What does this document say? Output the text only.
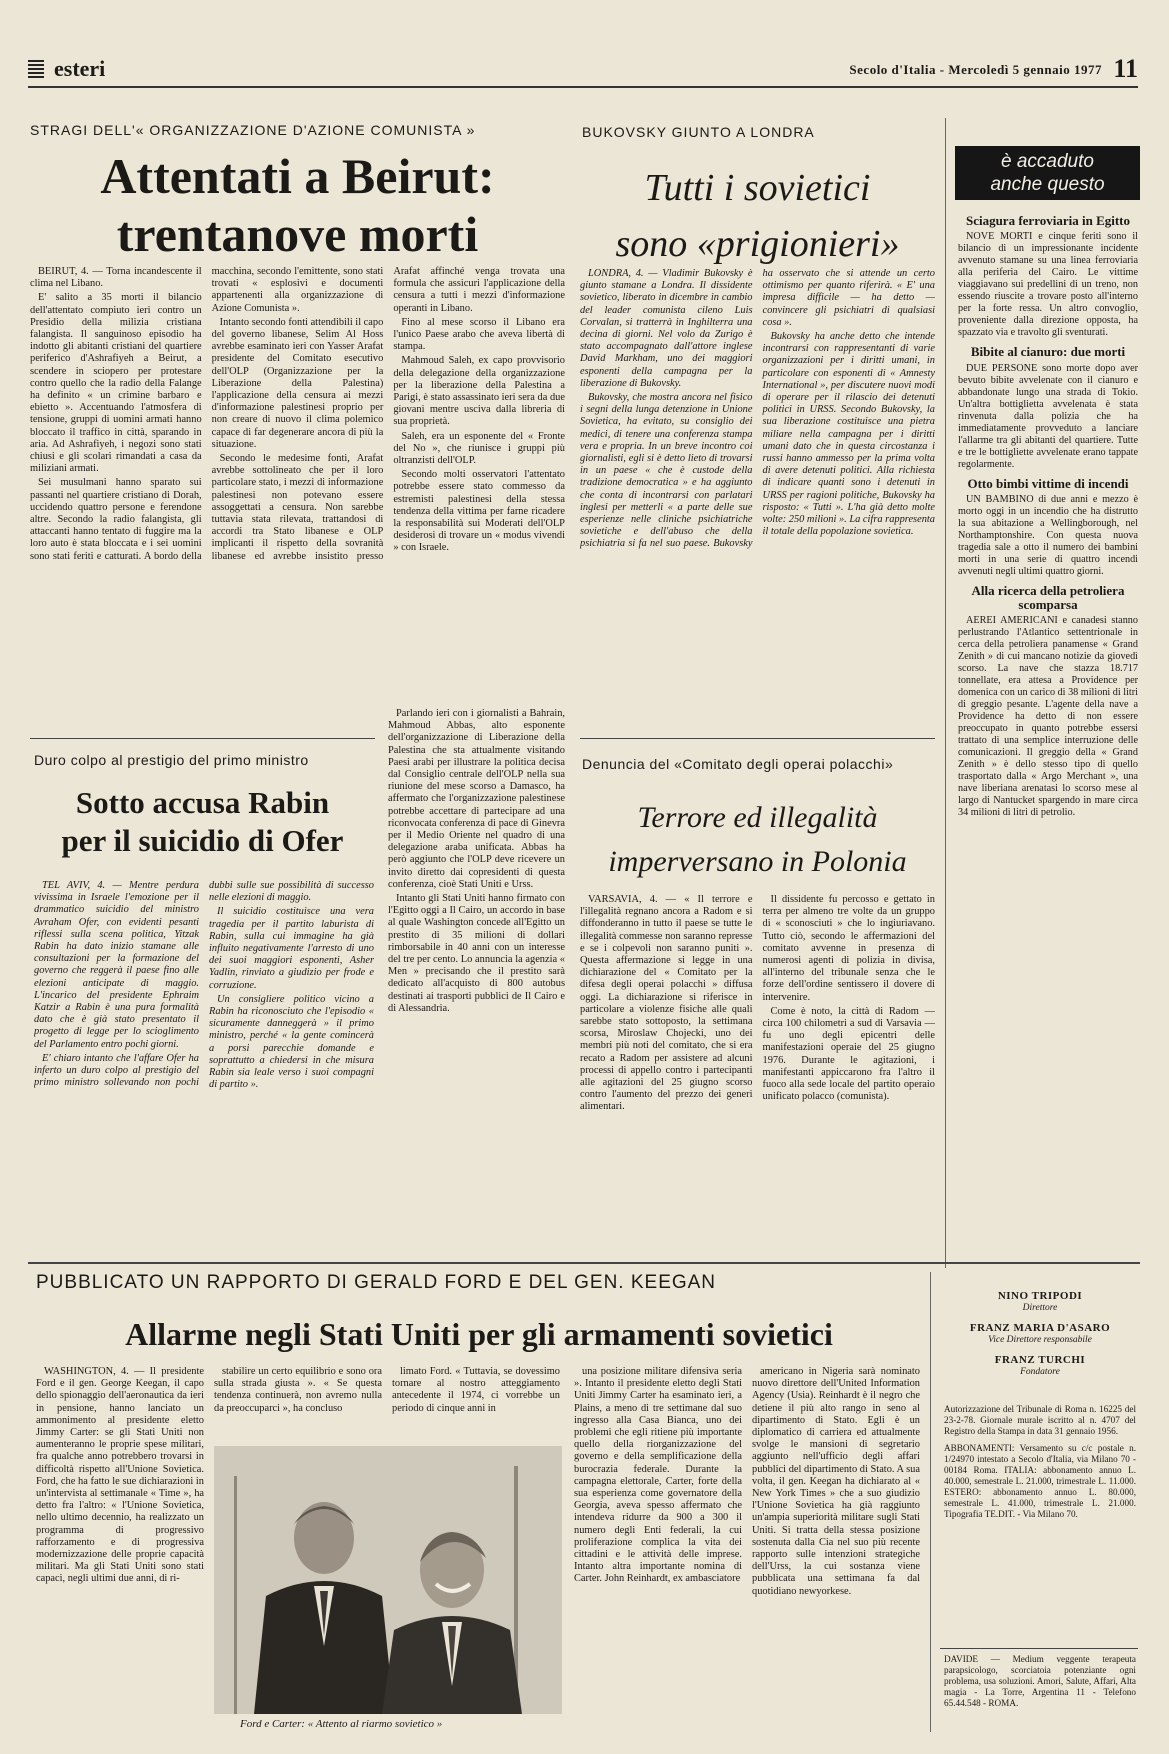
esteri	Secolo d'Italia - Mercoledì 5 gennaio 1977 11
STRAGI DELL'« ORGANIZZAZIONE D'AZIONE COMUNISTA »
Attentati a Beirut:
trentanove morti

BEIRUT, 4. — Torna incandescente il clima nel Libano.

E' salito a 35 morti il bilancio dell'attentato compiuto ieri contro un Presidio della milizia cristiana falangista. Il sanguinoso episodio ha indotto gli abitanti cristiani del quartiere periferico d'Ashrafiyeh a Beirut, a scendere in sciopero per protestare contro quello che la radio della Falange ha definito « un crimine barbaro e ebietto ». Accentuando l'atmosfera di tensione, gruppi di uomini armati hanno bloccato il traffico in città, sparando in aria. Ad Ashrafiyeh, i negozi sono stati chiusi e gli scolari rimandati a casa da miliziani armati.

Sei musulmani hanno sparato sui passanti nel quartiere cristiano di Dorah, uccidendo quattro persone e ferendone altre. Secondo la radio falangista, gli attaccanti hanno tentato di fuggire ma la loro auto è stata bloccata e i sei uomini sono stati feriti e catturati. A bordo della macchina, secondo l'emittente, sono stati trovati « esplosivi e documenti appartenenti alla organizzazione di Azione Comunista ».

Intanto secondo fonti attendibili il capo del governo libanese, Selim Al Hoss avrebbe esaminato ieri con Yasser Arafat presidente del Comitato esecutivo dell'OLP (Organizzazione per la Liberazione della Palestina) l'applicazione della censura ai mezzi d'informazione palestinesi proprio per non creare di nuovo il clima polemico capace di far degenerare ancora di più la situazione.

Secondo le medesime fonti, Arafat avrebbe sottolineato che per il loro particolare stato, i mezzi di informazione palestinesi non potevano essere assoggettati a censura. Non sarebbe tuttavia stata rilevata, trattandosi di accordi tra Stato libanese e OLP implicanti il rispetto della sovranità libanese ed avrebbe insistito presso Arafat affinché venga trovata una formula che assicuri l'applicazione della censura a tutti i mezzi d'informazione operanti in Libano.

Fino al mese scorso il Libano era l'unico Paese arabo che aveva libertà di stampa.

Mahmoud Saleh, ex capo provvisorio della delegazione della organizzazione per la liberazione della Palestina a Parigi, è stato assassinato ieri sera da due giovani mentre usciva dalla libreria di sua proprietà.

Saleh, era un esponente del « Fronte del No », che riunisce i gruppi più oltranzisti dell'OLP.

Secondo molti osservatori l'attentato potrebbe essere stato commesso da estremisti palestinesi della stessa tendenza della vittima per farne ricadere la responsabilità sui Moderati dell'OLP desiderosi di trovare un « modus vivendi » con Israele.

Parlando ieri con i giornalisti a Bahrain, Mahmoud Abbas, alto esponente dell'organizzazione di Liberazione della Palestina che sta attualmente visitando Paesi arabi per illustrare la politica decisa dal Consiglio centrale dell'OLP nella sua riunione del mese scorso a Damasco, ha affermato che l'organizzazione palestinese potrebbe accettare di partecipare ad una riconvocata conferenza di pace di Ginevra per il Medio Oriente nel quadro di una delegazione araba unificata. Abbas ha però aggiunto che l'OLP deve ricevere un invito diretto dai copresidenti di questa conferenza, cioè Stati Uniti e Urss.

Intanto gli Stati Uniti hanno firmato con l'Egitto oggi a Il Cairo, un accordo in base al quale Washington concede all'Egitto un prestito di 35 milioni di dollari rimborsabile in 40 anni con un interesse del tre per cento. Lo annuncia la agenzia « Men » precisando che il prestito sarà dedicato all'acquisto di 800 autobus destinati ai trasporti pubblici de Il Cairo e di Alessandria.

BUKOVSKY GIUNTO A LONDRA
Tutti i sovietici
sono «prigionieri»

LONDRA, 4. — Vladimir Bukovsky è giunto stamane a Londra. Il dissidente sovietico, liberato in dicembre in cambio del leader comunista cileno Luis Corvalan, si tratterrà in Inghilterra una decina di giorni. Nel volo da Zurigo è stato accompagnato dall'attore inglese David Markham, uno dei maggiori esponenti della campagna per la liberazione di Bukovsky.

Bukovsky, che mostra ancora nel fisico i segni della lunga detenzione in Unione Sovietica, ha evitato, su consiglio dei medici, di tenere una conferenza stampa vera e propria. In un breve incontro coi giornalisti, egli si è detto lieto di trovarsi in un paese « che è custode della tradizione democratica » e ha aggiunto che conta di incontrarsi con parlatari inglesi per metterli « a parte delle sue esperienze nelle cliniche psichiatriche sovietiche e dell'abuso che della psichiatria si fa nel suo paese. Bukovsky ha osservato che si attende un certo ottimismo per quanto riferirà. « E' una impresa difficile — ha detto — convincere gli psichiatri di qualsiasi cosa ».

Bukovsky ha anche detto che intende incontrarsi con rappresentanti di varie organizzazioni per i diritti umani, in particolare con esponenti di « Amnesty International », per discutere nuovi modi di operare per il rilascio dei detenuti politici in URSS. Secondo Bukovsky, la sua liberazione costituisce una pietra miliare nella campagna per i diritti umani dato che in questa circostanza i russi hanno ammesso per la prima volta di avere detenuti politici. Alla richiesta di indicare quanti sono i detenuti in URSS per ragioni politiche, Bukovsky ha risposto: « Tutti ». L'ha già detto molte volte: 250 milioni ». La cifra rappresenta il totale della popolazione sovietica.

Duro colpo al prestigio del primo ministro
Sotto accusa Rabin
per il suicidio di Ofer

TEL AVIV, 4. — Mentre perdura vivissima in Israele l'emozione per il drammatico suicidio del ministro Avraham Ofer, con evidenti pesanti riflessi sulla scena politica, Yitzak Rabin ha dato inizio stamane alle consultazioni per la formazione del governo che reggerà il paese fino alle elezioni anticipate di maggio. L'incarico del presidente Ephraim Katzir a Rabin è una pura formalità dato che è già stato presentato il progetto di legge per lo scioglimento del Parlamento entro pochi giorni.

E' chiaro intanto che l'affare Ofer ha inferto un duro colpo al prestigio del primo ministro sollevando non pochi dubbi sulle sue possibilità di successo nelle elezioni di maggio.

Il suicidio costituisce una vera tragedia per il partito laburista di Rabin, sulla cui immagine ha già influito negativamente l'arresto di uno dei suoi maggiori esponenti, Asher Yadlin, rinviato a giudizio per frode e corruzione.

Un consigliere politico vicino a Rabin ha riconosciuto che l'episodio « sicuramente danneggerà » il primo ministro, perché « la gente comincerà a porsi parecchie domande e soprattutto a chiedersi in che misura Rabin sia leale verso i suoi compagni di partito ».

Denuncia del «Comitato degli operai polacchi»
Terrore ed illegalità
imperversano in Polonia

VARSAVIA, 4. — « Il terrore e l'illegalità regnano ancora a Radom e si diffonderanno in tutto il paese se tutte le illegalità commesse non saranno represse e se i colpevoli non saranno puniti ». Questa affermazione si legge in una dichiarazione del « Comitato per la difesa degli operai polacchi » diffusa oggi. La dichiarazione si riferisce in particolare a violenze fisiche alle quali sarebbe stato sottoposto, la settimana scorsa, Miroslaw Chojecki, uno dei membri più noti del comitato, che si era recato a Radom per assistere ad alcuni processi di appello contro i partecipanti alle agitazioni del 25 giugno scorso contro l'aumento del prezzo dei generi alimentari.

Il dissidente fu percosso e gettato in terra per almeno tre volte da un gruppo di « sconosciuti » che lo ingiuriavano. Tutto ciò, secondo le affermazioni del comitato avvenne in presenza di numerosi agenti di polizia in divisa, all'interno del tribunale senza che le forze dell'ordine sentissero il dovere di intervenire.

Come è noto, la città di Radom — circa 100 chilometri a sud di Varsavia — fu uno degli epicentri delle manifestazioni operaie del 25 giugno 1976. Durante le agitazioni, i manifestanti appiccarono fra l'altro il fuoco alla sede locale del partito operaio unificato polacco (comunista).

è accaduto
anche questo
Sciagura ferroviaria in Egitto

NOVE MORTI e cinque feriti sono il bilancio di un impressionante incidente avvenuto stamane su una linea ferroviaria alla periferia del Cairo. Le vittime viaggiavano sui predellini di un treno, non essendo riuscite a trovare posto all'interno per la forte ressa. Un altro convoglio, proveniente dalla direzione opposta, ha spazzato via e travolto gli sventurati.

Bibite al cianuro: due morti

DUE PERSONE sono morte dopo aver bevuto bibite avvelenate con il cianuro e abbandonate lungo una strada di Tokio. Un'altra bottiglietta avvelenata è stata rinvenuta dalla polizia che ha immediatamente provveduto a lanciare l'allarme tra gli abitanti del quartiere. Tutte e tre le bottigliette avvelenate erano tappate regolarmente.

Otto bimbi vittime di incendi

UN BAMBINO di due anni e mezzo è morto oggi in un incendio che ha distrutto la sua abitazione a Wellingborough, nel Northamptonshire. Con questa nuova tragedia sale a otto il numero dei bambini morti in una serie di quattro incendi avvenuti negli ultimi quattro giorni.

Alla ricerca della petroliera scomparsa

AEREI AMERICANI e canadesi stanno perlustrando l'Atlantico settentrionale in cerca della petroliera panamense « Grand Zenith » di cui mancano notizie da giovedì scorso. La nave che stazza 18.717 tonnellate, era attesa a Providence per domenica con un carico di 38 milioni di litri di greggio pesante. L'agente della nave a Providence ha detto di non essere preoccupato in quanto potrebbe essersi trattato di una semplice interruzione delle comunicazioni. Il greggio della « Grand Zenith » è dello stesso tipo di quello trasportato dalla « Argo Merchant », una nave liberiana arenatasi lo scorso mese al largo di Nantucket spargendo in mare circa 34 milioni di litri di petrolio.

PUBBLICATO UN RAPPORTO DI GERALD FORD E DEL GEN. KEEGAN
Allarme negli Stati Uniti per gli armamenti sovietici

WASHINGTON, 4. — Il presidente Ford e il gen. George Keegan, il capo dello spionaggio dell'aeronautica da ieri in pensione, hanno lanciato un ammonimento al presidente eletto Jimmy Carter: se gli Stati Uniti non aumenteranno le proprie spese militari, fra qualche anno potrebbero trovarsi in difficoltà rispetto all'Unione Sovietica. Ford, che ha fatto le sue dichiarazioni in un'intervista al settimanale « Time », ha detto fra l'altro: « l'Unione Sovietica, nello ultimo decennio, ha realizzato un programma di progressivo rafforzamento e di progressiva modernizzazione delle proprie capacità militari. Ma gli Stati Uniti sono stati capaci, negli ultimi due anni, di ri-

stabilire un certo equilibrio e sono ora sulla strada giusta ». « Se questa tendenza continuerà, non avremo nulla da preoccuparci », ha concluso

limato Ford. « Tuttavia, se dovessimo tornare al nostro atteggiamento antecedente il 1974, ci vorrebbe un periodo di cinque anni in

Ford e Carter: « Attento al riarmo sovietico »

una posizione militare difensiva seria ». Intanto il presidente eletto degli Stati Uniti Jimmy Carter ha esaminato ieri, a Plains, a meno di tre settimane dal suo ingresso alla Casa Bianca, uno dei problemi che egli ritiene più importante quello della riorganizzazione del governo e della semplificazione della burocrazia federale. Durante la campagna elettorale, Carter, forte della sua esperienza come governatore della Georgia, aveva spesso affermato che intendeva ridurre da 900 a 300 il numero degli Enti federali, la cui proliferazione complica la vita dei cittadini e le attività delle imprese. Intanto altra importante nomina di Carter. John Reinhardt, ex ambasciatore

americano in Nigeria sarà nominato nuovo direttore dell'United Information Agency (Usia). Reinhardt è il negro che detiene il più alto rango in seno al dipartimento di Stato. Egli è un diplomatico di carriera ed attualmente svolge le mansioni di segretario aggiunto nell'ufficio degli affari pubblici del dipartimento di Stato. A sua volta, il gen. Keegan ha dichiarato al « New York Times » che a suo giudizio l'Unione Sovietica ha già raggiunto un'ampia superiorità militare sugli Stati Uniti. Si tratta della stessa posizione sostenuta dalla Cia nel suo più recente rapporto sulle intenzioni strategiche dell'Urss, la cui sostanza viene pubblicata una settimana fa dal quotidiano newyorkese.

NINO TRIPODI
Direttore
FRANZ MARIA D'ASARO
Vice Direttore responsabile
FRANZ TURCHI
Fondatore

Autorizzazione del Tribunale di Roma n. 16225 del 23-2-78. Giornale murale iscritto al n. 4707 del Registro della Stampa in data 31 gennaio 1956.

ABBONAMENTI: Versamento su c/c postale n. 1/24970 intestato a Secolo d'Italia, via Milano 70 - 00184 Roma. ITALIA: abbonamento annuo L. 40.000, semestrale L. 21.000, trimestrale L. 11.000. ESTERO: abbonamento annuo L. 80.000, semestrale L. 41.000, trimestrale L. 21.000. Tipografia TE.DIT. - Via Milano 70.

DAVIDE — Medium veggente terapeuta parapsicologo, scorciatoia potenziante ogni problema, usa soluzioni. Amori, Salute, Affari, Alta magia - La Torre, Argentina 11 - Telefono 65.44.548 - ROMA.
